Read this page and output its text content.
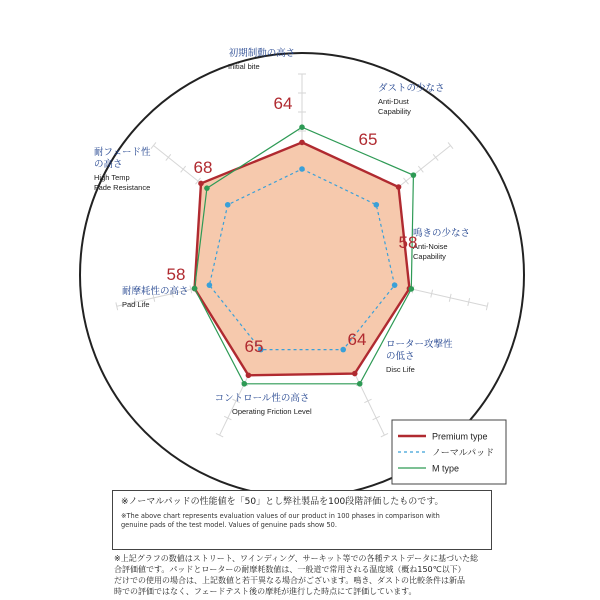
初期制動の高さ
Initial bite
ダストの少なさ
Anti-Dust
Capability
鳴きの少なさ
Anti-Noise
Capability
ローター攻撃性
の低さ
Disc Life
コントロール性の高さ
Operating Friction Level
耐摩耗性の高さ
Pad Life
耐フェード性
の高さ
High Temp
Fade Resistance
64
65
58
64
65
58
68
Premium type
ノーマルパッド
M type
※ノーマルパッドの性能値を「50」とし弊社製品を100段階評価したものです。
※The above chart represents evaluation values of our product in 100 phases in comparison with
genuine pads of the test model. Values of genuine pads show 50.
※上記グラフの数値はストリート、ワインディング、サーキット等での各種テストデータに基づいた総
合評価値です。パッドとローターの耐摩耗数値は、一般道で常用される温度域（概ね150℃以下）
だけでの使用の場合は、上記数値と若干異なる場合がございます。鳴き、ダストの比較条件は新品
時での評価ではなく、フェードテスト後の摩耗が進行した時点にて評価しています。
